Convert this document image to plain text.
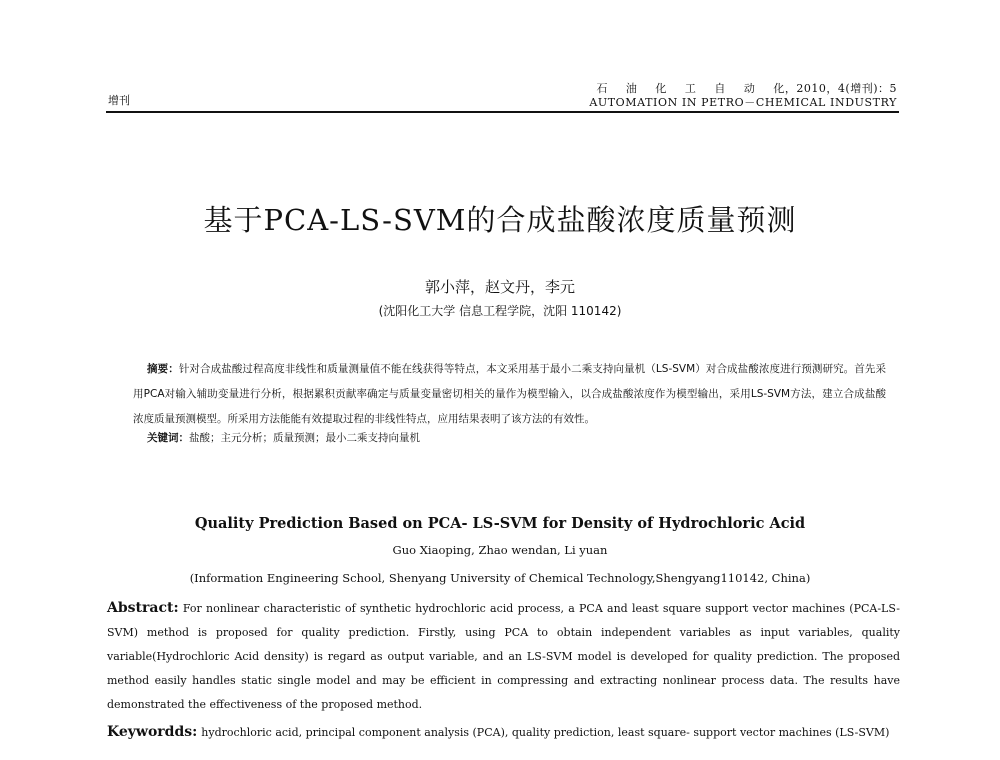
增刊
石 油 化 工 自 动 化，2010，4(增刊)：5
AUTOMATION IN PETRO－CHEMICAL INDUSTRY
基于PCA-LS-SVM的合成盐酸浓度质量预测
郭小萍，赵文丹，李元
(沈阳化工大学 信息工程学院，沈阳 110142)
摘要：针对合成盐酸过程高度非线性和质量测量值不能在线获得等特点，本文采用基于最小二乘支持向量机（LS-SVM）对合成盐酸浓度进行预测研究。首先采用PCA对输入辅助变量进行分析，根据累积贡献率确定与质量变量密切相关的量作为模型输入，以合成盐酸浓度作为模型输出，采用LS-SVM方法，建立合成盐酸浓度质量预测模型。所采用方法能能有效提取过程的非线性特点，应用结果表明了该方法的有效性。
关键词：盐酸；主元分析；质量预测；最小二乘支持向量机
Quality Prediction Based on PCA- LS-SVM for Density of Hydrochloric Acid
Guo Xiaoping, Zhao wendan, Li yuan
(Information Engineering School, Shenyang University of Chemical Technology,Shengyang110142, China)
Abstract: For nonlinear characteristic of synthetic hydrochloric acid process, a PCA and least square support vector machines (PCA-LS-SVM) method is proposed for quality prediction. Firstly, using PCA to obtain independent variables as input variables, quality variable(Hydrochloric Acid density) is regard as output variable, and an LS-SVM model is developed for quality prediction. The proposed method easily handles static single model and may be efficient in compressing and extracting nonlinear process data. The results have demonstrated the effectiveness of the proposed method.
Keywordds: hydrochloric acid, principal component analysis (PCA), quality prediction, least square- support vector machines (LS-SVM)
